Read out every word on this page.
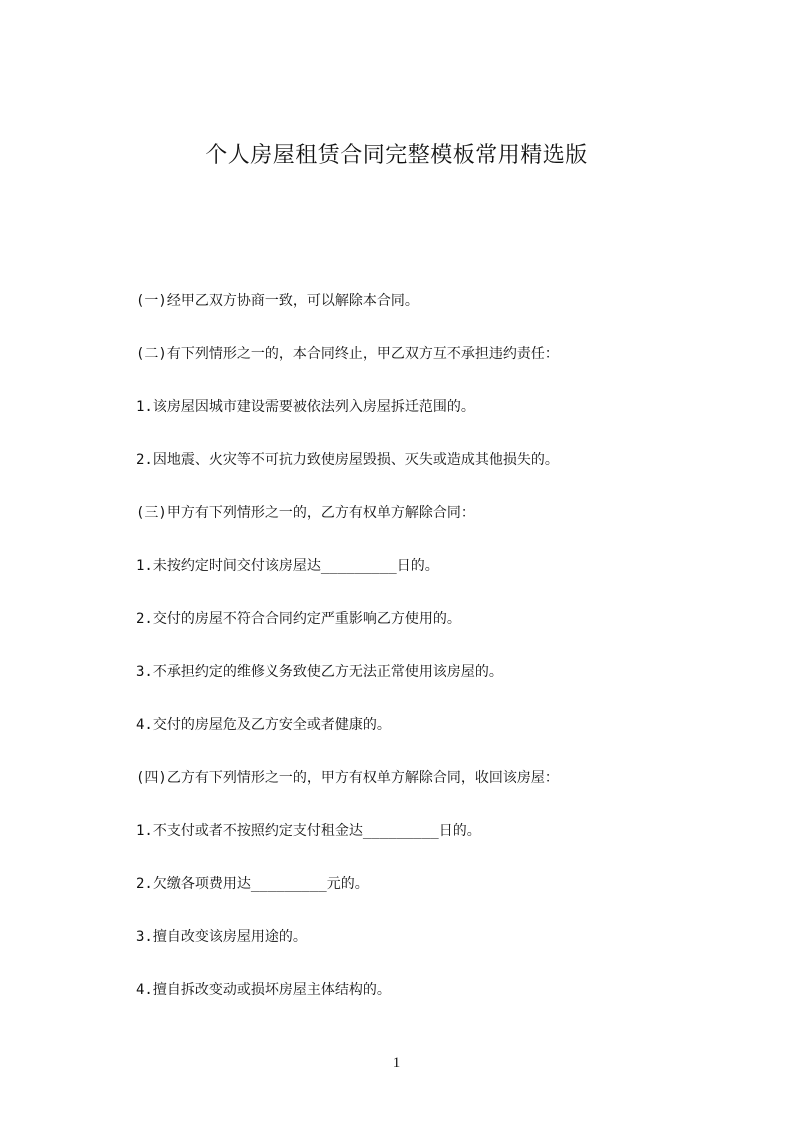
个人房屋租赁合同完整模板常用精选版
(一)经甲乙双方协商一致，可以解除本合同。
(二)有下列情形之一的，本合同终止，甲乙双方互不承担违约责任：
1.该房屋因城市建设需要被依法列入房屋拆迁范围的。
2.因地震、火灾等不可抗力致使房屋毁损、灭失或造成其他损失的。
(三)甲方有下列情形之一的，乙方有权单方解除合同：
1.未按约定时间交付该房屋达_________日的。
2.交付的房屋不符合合同约定严重影响乙方使用的。
3.不承担约定的维修义务致使乙方无法正常使用该房屋的。
4.交付的房屋危及乙方安全或者健康的。
(四)乙方有下列情形之一的，甲方有权单方解除合同，收回该房屋：
1.不支付或者不按照约定支付租金达_________日的。
2.欠缴各项费用达_________元的。
3.擅自改变该房屋用途的。
4.擅自拆改变动或损坏房屋主体结构的。
1
